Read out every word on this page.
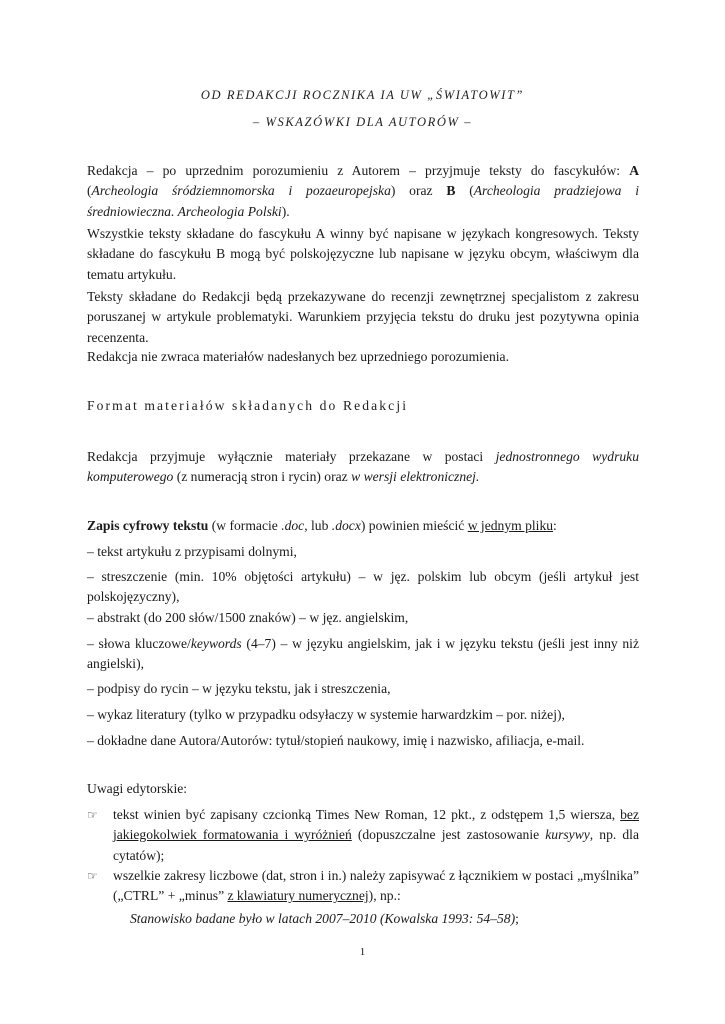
OD REDAKCJI ROCZNIKA IA UW „ŚWIATOWIT”
– WSKAZÓWKI DLA AUTORÓW –

Redakcja – po uprzednim porozumieniu z Autorem – przyjmuje teksty do fascykułów: A (Archeologia śródziemnomorska i pozaeuropejska) oraz B (Archeologia pradziejowa i średniowieczna. Archeologia Polski).

Wszystkie teksty składane do fascykułu A winny być napisane w językach kongresowych. Teksty składane do fascykułu B mogą być polskojęzyczne lub napisane w języku obcym, właściwym dla tematu artykułu.

Teksty składane do Redakcji będą przekazywane do recenzji zewnętrznej specjalistom z zakresu poruszanej w artykule problematyki. Warunkiem przyjęcia tekstu do druku jest pozytywna opinia recenzenta.

Redakcja nie zwraca materiałów nadesłanych bez uprzedniego porozumienia.

Format materiałów składanych do Redakcji

Redakcja przyjmuje wyłącznie materiały przekazane w postaci jednostronnego wydruku komputerowego (z numeracją stron i rycin) oraz w wersji elektronicznej.

Zapis cyfrowy tekstu (w formacie .doc, lub .docx) powinien mieścić w jednym pliku:

– tekst artykułu z przypisami dolnymi,

– streszczenie (min. 10% objętości artykułu) – w jęz. polskim lub obcym (jeśli artykuł jest polskojęzyczny),

– abstrakt (do 200 słów/1500 znaków) – w jęz. angielskim,

– słowa kluczowe/keywords (4–7) – w języku angielskim, jak i w języku tekstu (jeśli jest inny niż angielski),

– podpisy do rycin – w języku tekstu, jak i streszczenia,

– wykaz literatury (tylko w przypadku odsyłaczy w systemie harwardzkim – por. niżej),

– dokładne dane Autora/Autorów: tytuł/stopień naukowy, imię i nazwisko, afiliacja, e-mail.

Uwagi edytorskie:
☞ tekst winien być zapisany czcionką Times New Roman, 12 pkt., z odstępem 1,5 wiersza, bez jakiegokolwiek formatowania i wyróżnień (dopuszczalne jest zastosowanie kursywy, np. dla cytatów);
☞ wszelkie zakresy liczbowe (dat, stron i in.) należy zapisywać z łącznikiem w postaci „myślnika” („CTRL” + „minus” z klawiatury numerycznej), np.:
Stanowisko badane było w latach 2007–2010 (Kowalska 1993: 54–58);
1
